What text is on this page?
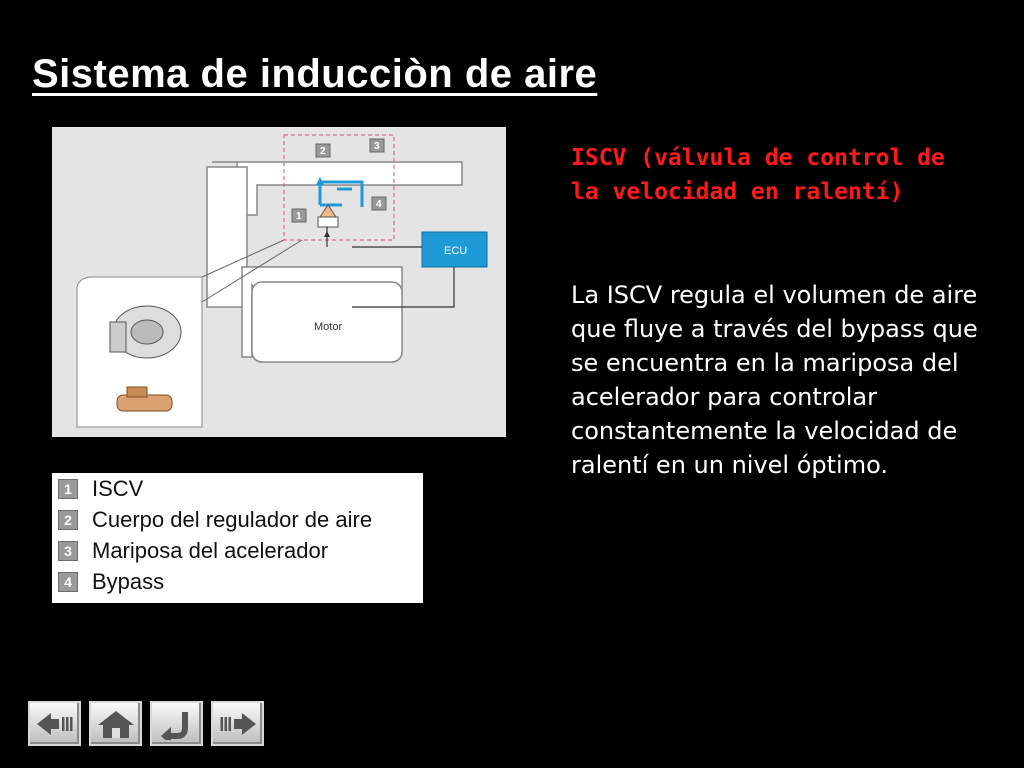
Sistema de inducciòn de aire
Motor
2	3
4
1
ECU
1 ISCV
2 Cuerpo del regulador de aire
3 Mariposa del acelerador
4 Bypass

ISCV (válvula de control de la velocidad en ralentí)

La ISCV regula el volumen de aire que fluye a través del bypass que se encuentra en la mariposa del acelerador para controlar constantemente la velocidad de ralentí en un nivel óptimo.
